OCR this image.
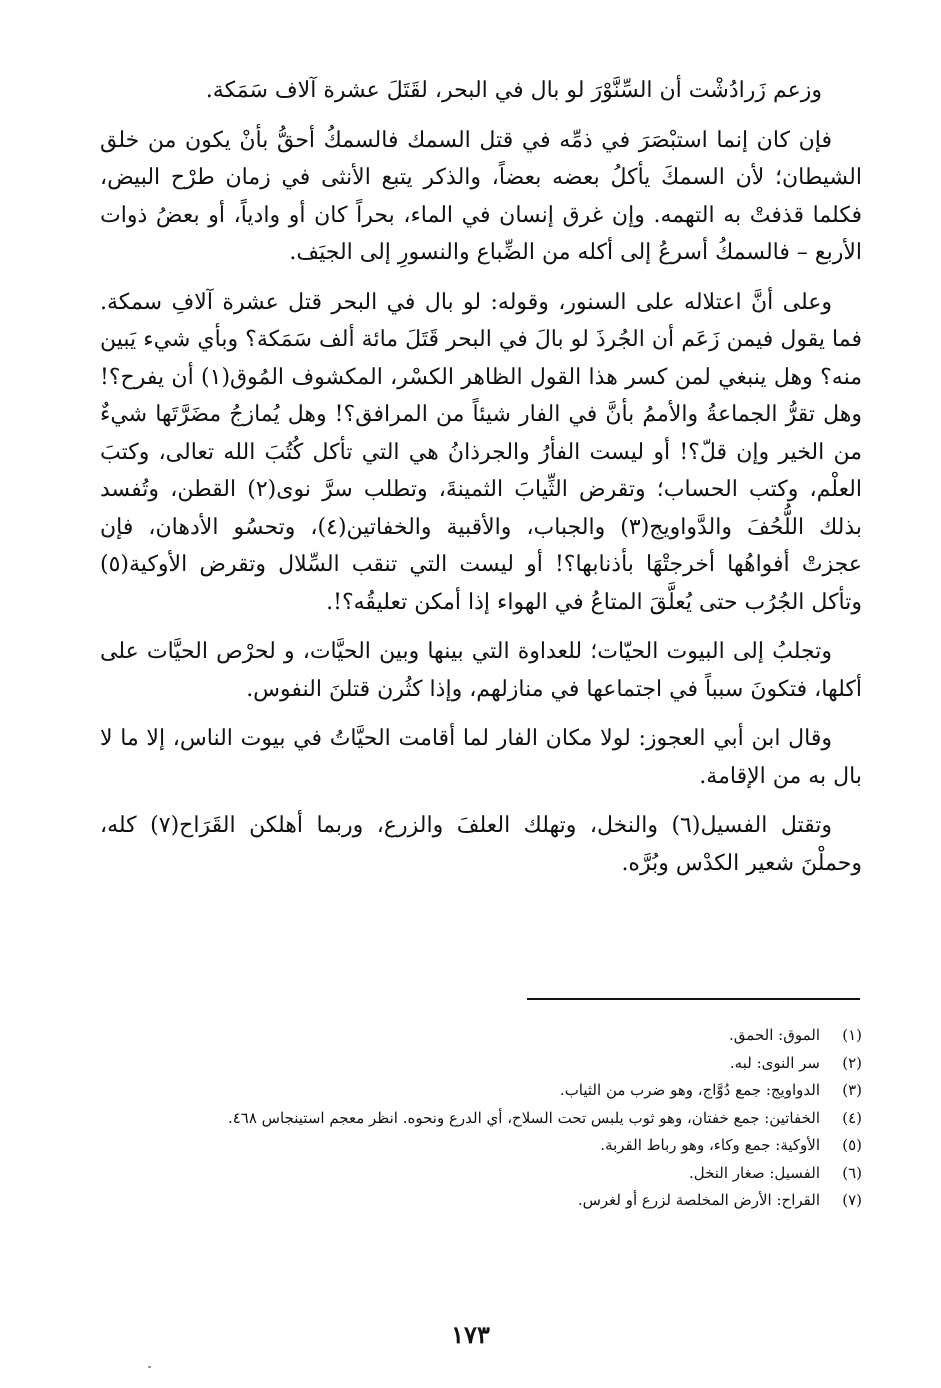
وزعم زَرادُشْت أن السِّنَّوْرَ لو بال في البحر، لقَتَلَ عشرة آلاف سَمَكة.

فإن كان إنما استبْصَرَ في ذمِّه في قتل السمك فالسمكُ أحقُّ بأنْ يكون من خلق الشيطان؛ لأن السمكَ يأكلُ بعضه بعضاً، والذكر يتبع الأنثى في زمان طرْح البيض، فكلما قذفتْ به التهمه. وإن غرق إنسان في الماء، بحراً كان أو وادياً، أو بعضُ ذوات الأربع – فالسمكُ أسرعُ إلى أكله من الضِّباع والنسورِ إلى الجيَف.

وعلى أنَّ اعتلاله على السنور، وقوله: لو بال في البحر قتل عشرة آلافِ سمكة. فما يقول فيمن زَعَم أن الجُرذَ لو بالَ في البحر قَتَلَ مائة ألف سَمَكة؟ وبأي شيء يَبين منه؟ وهل ينبغي لمن كسر هذا القول الظاهر الكسْر، المكشوف المُوق(١) أن يفرح؟! وهل تقرُّ الجماعةُ والأممُ بأنَّ في الفار شيئاً من المرافق؟! وهل يُمازجُ مضَرَّتَها شيءٌ من الخير وإن قلّ؟! أو ليست الفأرُ والجرذانُ هي التي تأكل كُتُبَ الله تعالى، وكتبَ العلْم، وكتب الحساب؛ وتقرض الثِّيابَ الثمينةَ، وتطلب سرَّ نوى(٢) القطن، وتُفسد بذلك اللُّحُفَ والدَّواويج(٣) والجباب، والأقبية والخفاتين(٤)، وتحسُو الأدهان، فإن عجزتْ أفواهُها أخرجتْهَا بأذنابها؟! أو ليست التي تنقب السِّلال وتقرض الأوكية(٥) وتأكل الجُرُب حتى يُعلَّقَ المتاعُ في الهواء إذا أمكن تعليقُه؟!.

وتجلبُ إلى البيوت الحيّات؛ للعداوة التي بينها وبين الحيَّات، و لحرْص الحيَّات على أكلها، فتكونَ سبباً في اجتماعها في منازلهم، وإذا كثُرن قتلنَ النفوس.

وقال ابن أبي العجوز: لولا مكان الفار لما أقامت الحيَّاتُ في بيوت الناس، إلا ما لا بال به من الإقامة.

وتقتل الفسيل(٦) والنخل، وتهلك العلفَ والزرع، وربما أهلكن القَرَاح(٧) كله، وحملْنَ شعير الكدْس وبُرَّه.

(١)
الموق: الحمق.
(٢)
سر النوى: لبه.
(٣)
الدواويج: جمع دُوَّاج، وهو ضرب من الثياب.
(٤)
الخفاتين: جمع خفتان، وهو ثوب يلبس تحت السلاح، أي الدرع ونحوه. انظر معجم استينجاس ٤٦٨.
(٥)
الأوكية: جمع وكاء، وهو رباط القربة.
(٦)
الفسيل: صغار النخل.
(٧)
القراح: الأرض المخلصة لزرع أو لغرس.
١٧٣
